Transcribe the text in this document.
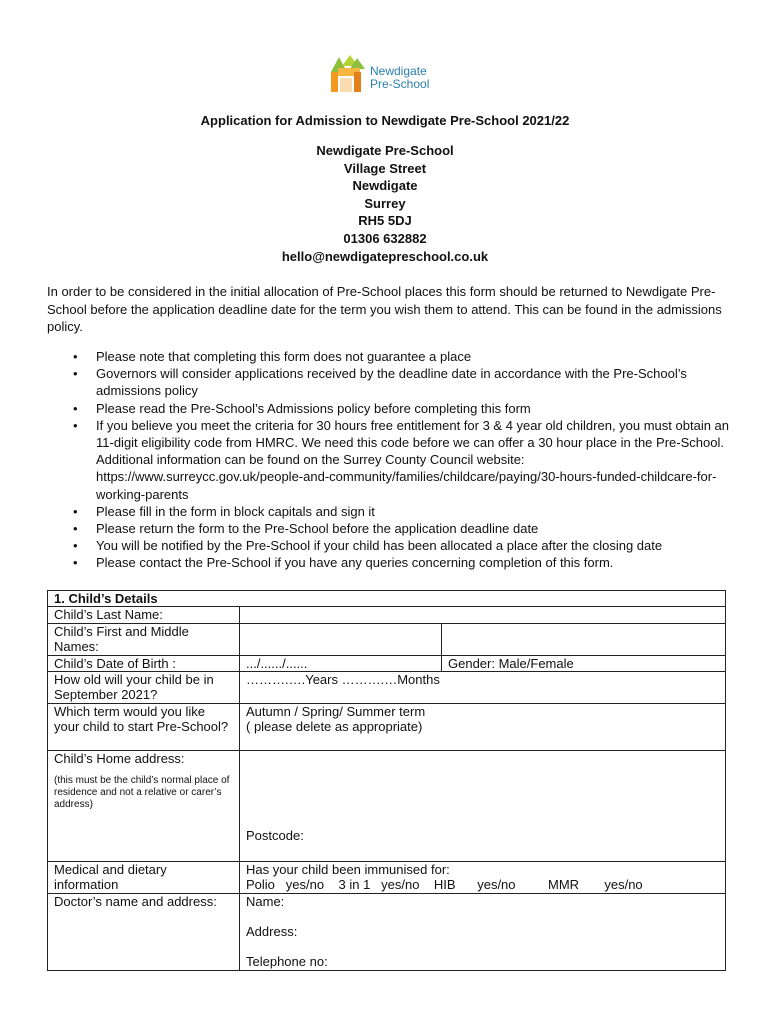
Newdigate
Pre-School
Application for Admission to Newdigate Pre-School 2021/22
Newdigate Pre-School
Village Street
Newdigate
Surrey
RH5 5DJ
01306 632882
hello@newdigatepreschool.co.uk
In order to be considered in the initial allocation of Pre-School places this form should be returned to Newdigate Pre-School before the application deadline date for the term you wish them to attend. This can be found in the admissions policy.
• Please note that completing this form does not guarantee a place
• Governors will consider applications received by the deadline date in accordance with the Pre-School’s admissions policy
• Please read the Pre-School’s Admissions policy before completing this form
• If you believe you meet the criteria for 30 hours free entitlement for 3 & 4 year old children, you must obtain an 11-digit eligibility code from HMRC. We need this code before we can offer a 30 hour place in the Pre-School. Additional information can be found on the Surrey County Council website: https://www.surreycc.gov.uk/people-and-community/families/childcare/paying/30-hours-funded-childcare-for-working-parents
• Please fill in the form in block capitals and sign it
• Please return the form to the Pre-School before the application deadline date
• You will be notified by the Pre-School if your child has been allocated a place after the closing date
• Please contact the Pre-School if you have any queries concerning completion of this form.
1. Child’s Details		
Child’s Last Name:		
Child’s First and Middle Names:		
Child’s Date of Birth :	.../....../......	Gender: Male/Female
How old will your child be in September 2021?	……….….Years ……….…Months	
Which term would you like your child to start Pre-School?	Autumn / Spring/ Summer term
( please delete as appropriate)	

Child’s Home address:
(this must be the child’s normal place of residence and not a relative or carer’s address)	Postcode:	

Medical and dietary information	Has your child been immunised for:
Polio   yes/no    3 in 1   yes/no    HIB      yes/no         MMR       yes/no	

Doctor’s name and address:	Name:
Address:
Telephone no:	
